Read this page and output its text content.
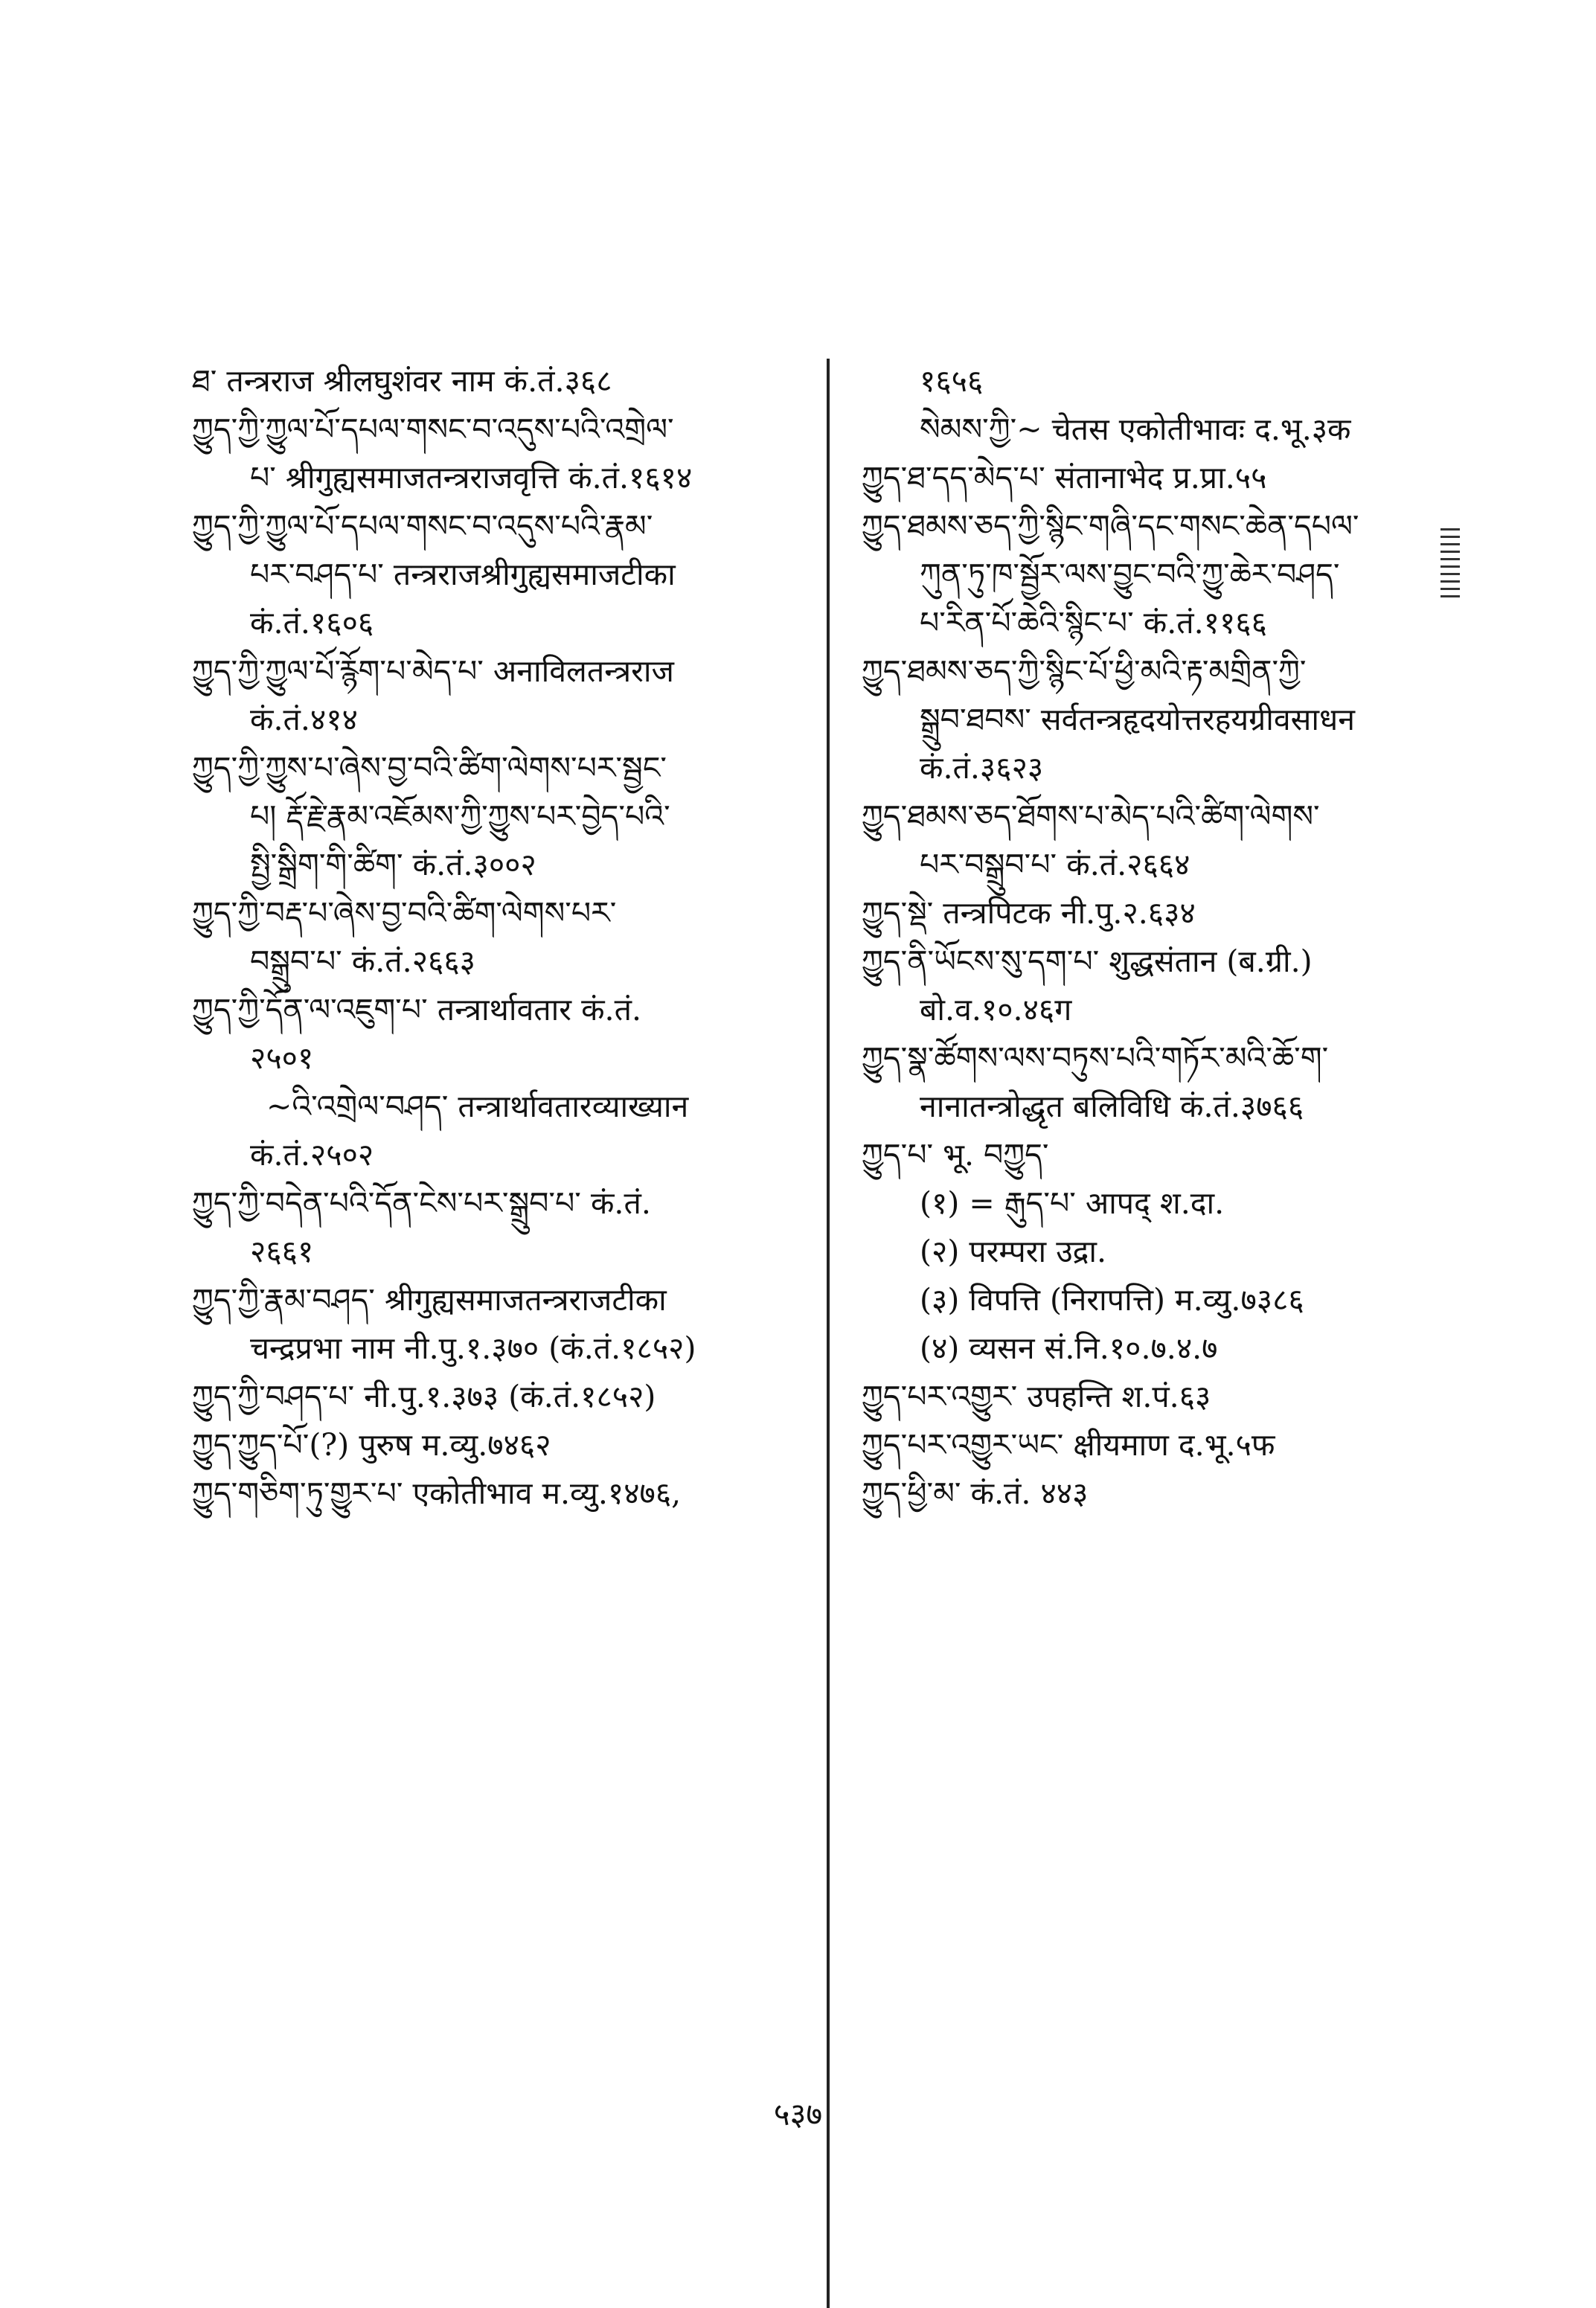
ཐ་ तन्त्रराज श्रीलघुशंवर नाम कं.तं.३६८
ཀྱུད་ཀྱི་ཀྱུལ་པོ་དཔལ་གསང་བ་འདུས་པའི་འགྲེལ་
པ་ श्रीगुह्यसमाजतन्त्रराजवृत्ति कं.तं.१६१४
ཀྱུད་ཀྱི་ཀྱུལ་པོ་དཔལ་གསང་བ་འདུས་པའི་རྣམ་
པར་བཤད་པ་ तन्त्रराजश्रीगुह्यसमाजटीका
कं.तं.१६०६
ཀྱུད་ཀྱི་ཀྱུལ་པོ་རྙོག་པ་མེད་པ་ अनाविलतन्त्रराज
कं.तं.४१४
ཀྱུད་ཀྱི་ཀྱུས་པ་ཞེས་བྱ་བའི་ཚིག་ལེགས་པར་སྦྱང་
པ། རྡོ་རྗེ་རྣམ་འཇོམས་ཀྱི་ཀྱུས་པར་བྱེད་པའི་
སྤྱི་སྒྲིག་གི་ཚིག་ कं.तं.३००२
ཀྱུད་ཀྱི་བརྡ་པ་ཞེས་བྱ་བའི་ཚིག་ལེགས་པར་
བསྒྲུབ་པ་ कं.तं.२६६३
ཀྱུད་ཀྱི་དོན་ལ་འཇུག་པ་ तन्त्रार्थावतार कं.तं.
२५०१
~འི་འགྲེལ་བཤད་ तन्त्रार्थावतारव्याख्यान
कं.तं.२५०२
ཀྱུད་ཀྱི་བདེན་པའི་དོན་ངེས་པར་སྒྲུབ་པ་ कं.तं.
२६६१
ཀྱུད་ཀྱི་རྣམ་བཤད་ श्रीगुह्यसमाजतन्त्रराजटीका
चन्द्रप्रभा नाम नी.पु.१.३७० (कं.तं.१८५२)
ཀྱུད་ཀྱི་བཤད་པ་ नी.पु.१.३७३ (कं.तं.१८५२)
ཀྱུད་ཀྱུད་པོ་(?) पुरुष म.व्यु.७४६२
ཀྱུད་གཅིག་ཏུ་གྱུར་པ་ एकोतीभाव म.व्यु.१४७६,
१६५६
སེམས་ཀྱི་~ चेतस एकोतीभावः द.भू.३क
ཀྱུད་ཐ་དད་མེད་པ་ संतानाभेद प्र.प्रा.५५
ཀྱུད་ཐམས་ཅད་ཀྱི་སྙིང་གཞི་དང་གསང་ཆེན་དཔལ་
ཀུན་ཏུ་ཁ་སྦྱོར་ལས་བྱུང་བའི་ཀྱུ་ཆེར་བཤད་
པ་རིན་པོ་ཆེའི་སྙིང་པ་ कं.तं.११६६
ཀྱུད་ཐམས་ཅད་ཀྱི་སྙིང་པོ་ཕྱི་མའི་རྟ་མགྲིན་ཀྱི་
སྒྲུབ་ཐབས་ सर्वतन्त्रहृदयोत्तरहयग्रीवसाधन
कं.तं.३६२३
ཀྱུད་ཐམས་ཅད་ཐོགས་པ་མེད་པའི་ཚིག་ལེགས་
པར་བསྒྲུབ་པ་ कं.तं.२६६४
ཀྱུད་སྡེ་ तन्त्रपिटक नी.पु.२.६३४
ཀྱུད་ནི་ཡོངས་སུ་དག་པ་ शुद्धसंतान (ब.ग्री.)
बो.व.१०.४६ग
ཀྱུད་སྣ་ཚོགས་ལས་བཏུས་པའི་གཏོར་མའི་ཆོ་ག་
नानातन्त्रोद्धृत बलिविधि कं.तं.३७६६
ཀྱུད་པ་ भू. བཀྱུད་
(१) = རྒུད་པ་ आपद् श.दा.
(२) परम्परा उद्रा.
(३) विपत्ति (निरापत्ति) म.व्यु.७३८६
(४) व्यसन सं.नि.१०.७.४.७
ཀྱུད་པར་འགྱུར་ उपहन्ति श.पं.६३
ཀྱུད་པར་འགྱུར་ཡང་ क्षीयमाण द.भू.५फ
ཀྱུད་ཕྱི་མ་ कं.तं. ४४३
५३७
